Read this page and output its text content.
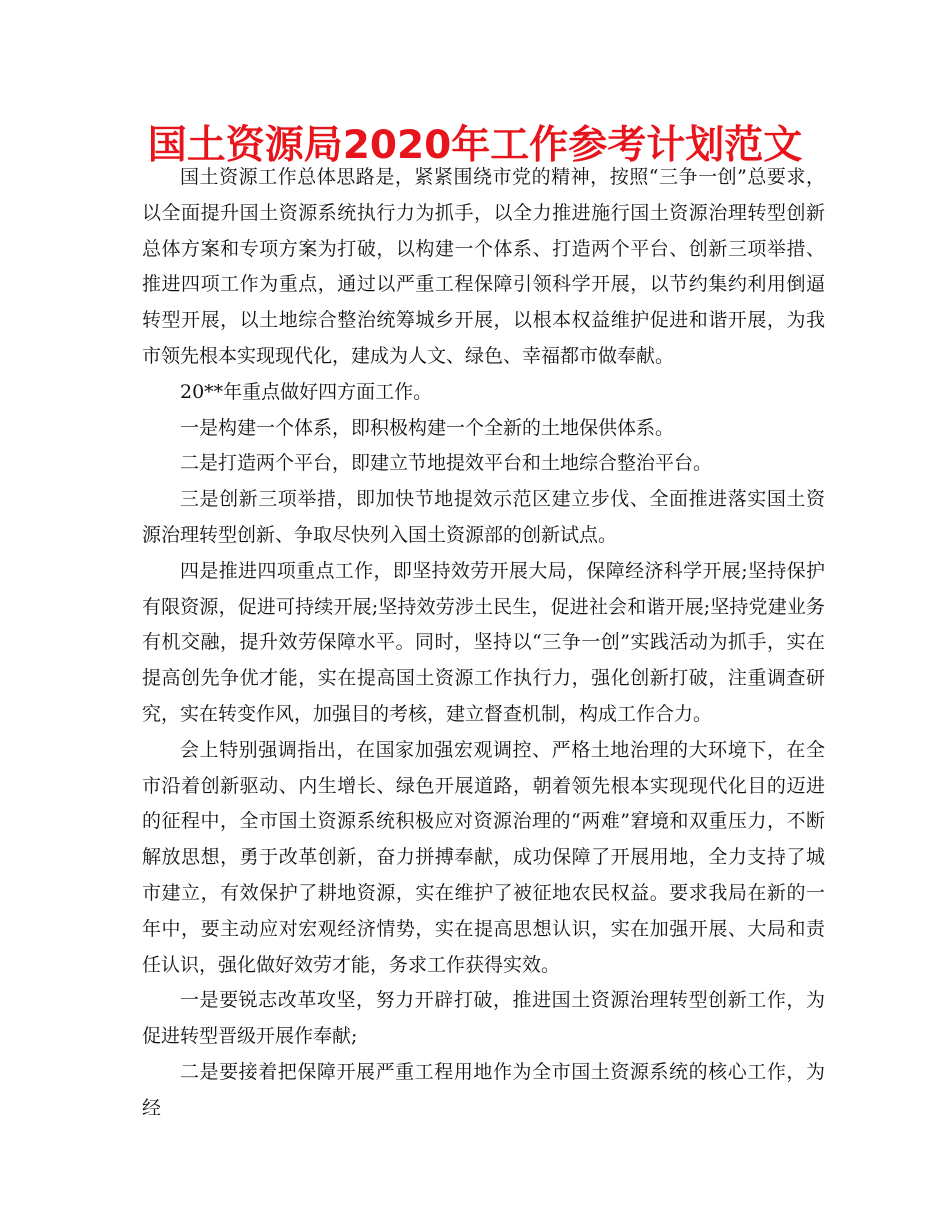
国土资源局2020年工作参考计划范文

国土资源工作总体思路是，紧紧围绕市党的精神，按照“三争一创”总要求，以全面提升国土资源系统执行力为抓手，以全力推进施行国土资源治理转型创新总体方案和专项方案为打破，以构建一个体系、打造两个平台、创新三项举措、推进四项工作为重点，通过以严重工程保障引领科学开展，以节约集约利用倒逼转型开展，以土地综合整治统筹城乡开展，以根本权益维护促进和谐开展，为我市领先根本实现现代化，建成为人文、绿色、幸福都市做奉献。

20**年重点做好四方面工作。

一是构建一个体系，即积极构建一个全新的土地保供体系。

二是打造两个平台，即建立节地提效平台和土地综合整治平台。

三是创新三项举措，即加快节地提效示范区建立步伐、全面推进落实国土资源治理转型创新、争取尽快列入国土资源部的创新试点。

四是推进四项重点工作，即坚持效劳开展大局，保障经济科学开展;坚持保护有限资源，促进可持续开展;坚持效劳涉土民生，促进社会和谐开展;坚持党建业务有机交融，提升效劳保障水平。同时，坚持以“三争一创”实践活动为抓手，实在提高创先争优才能，实在提高国土资源工作执行力，强化创新打破，注重调查研究，实在转变作风，加强目的考核，建立督查机制，构成工作合力。

会上特别强调指出，在国家加强宏观调控、严格土地治理的大环境下，在全市沿着创新驱动、内生增长、绿色开展道路，朝着领先根本实现现代化目的迈进的征程中，全市国土资源系统积极应对资源治理的“两难”窘境和双重压力，不断解放思想，勇于改革创新，奋力拼搏奉献，成功保障了开展用地，全力支持了城市建立，有效保护了耕地资源，实在维护了被征地农民权益。要求我局在新的一年中，要主动应对宏观经济情势，实在提高思想认识，实在加强开展、大局和责任认识，强化做好效劳才能，务求工作获得实效。

一是要锐志改革攻坚，努力开辟打破，推进国土资源治理转型创新工作，为促进转型晋级开展作奉献;

二是要接着把保障开展严重工程用地作为全市国土资源系统的核心工作，为经
